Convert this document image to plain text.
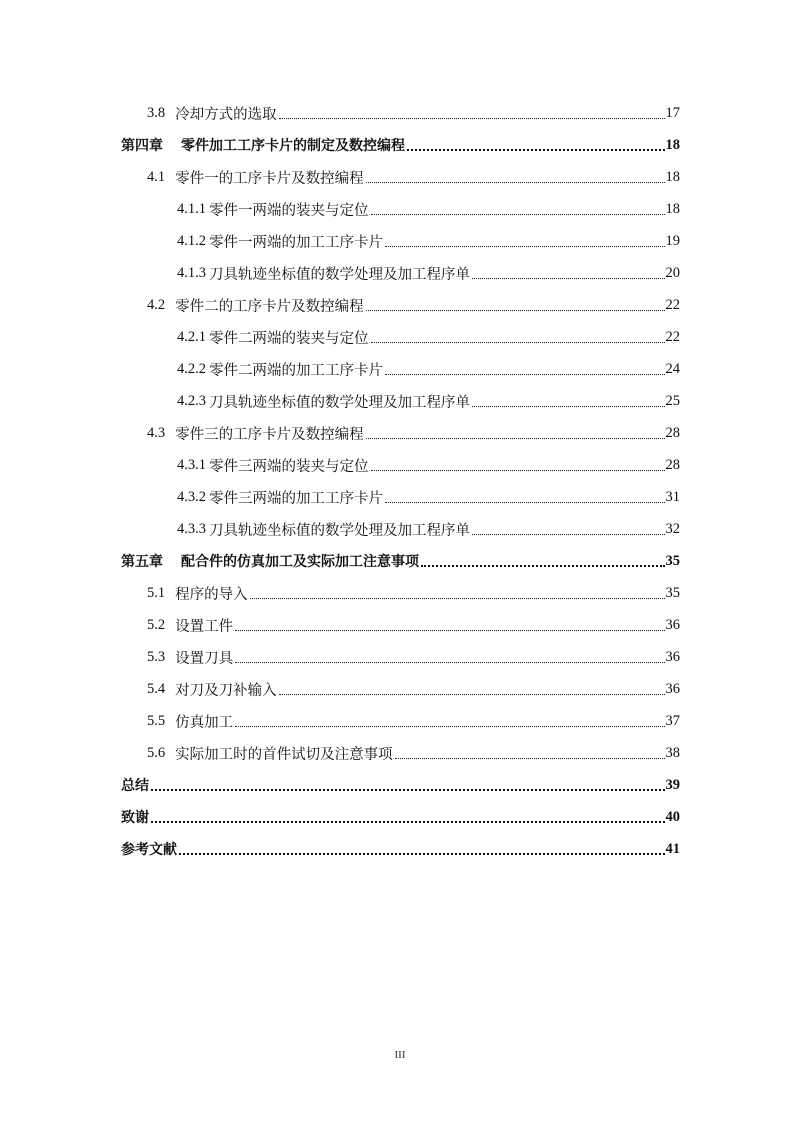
3.8 冷却方式的选取	17
第四章 零件加工工序卡片的制定及数控编程	18
4.1 零件一的工序卡片及数控编程	18
4.1.1 零件一两端的装夹与定位	18
4.1.2 零件一两端的加工工序卡片	19
4.1.3 刀具轨迹坐标值的数学处理及加工程序单	20
4.2 零件二的工序卡片及数控编程	22
4.2.1 零件二两端的装夹与定位	22
4.2.2 零件二两端的加工工序卡片	24
4.2.3 刀具轨迹坐标值的数学处理及加工程序单	25
4.3 零件三的工序卡片及数控编程	28
4.3.1 零件三两端的装夹与定位	28
4.3.2 零件三两端的加工工序卡片	31
4.3.3 刀具轨迹坐标值的数学处理及加工程序单	32
第五章 配合件的仿真加工及实际加工注意事项	35
5.1 程序的导入	35
5.2 设置工件	36
5.3 设置刀具	36
5.4 对刀及刀补输入	36
5.5 仿真加工	37
5.6 实际加工时的首件试切及注意事项	38
总结	39
致谢	40
参考文献	41
III
